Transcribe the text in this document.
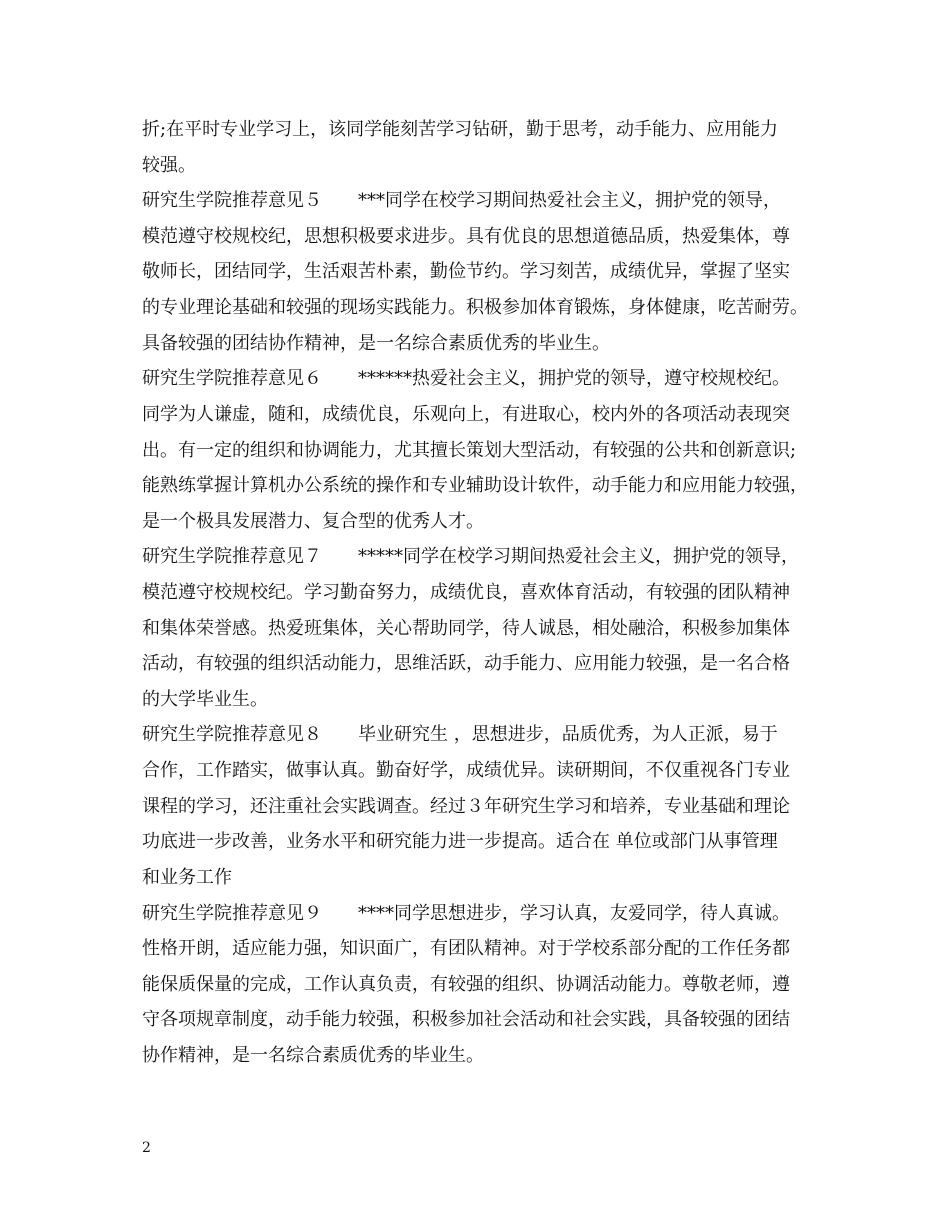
折;在平时专业学习上，该同学能刻苦学习钻研，勤于思考，动手能力、应用能力
较强。
研究生学院推荐意见５　　***同学在校学习期间热爱社会主义，拥护党的领导，
模范遵守校规校纪，思想积极要求进步。具有优良的思想道德品质，热爱集体，尊
敬师长，团结同学，生活艰苦朴素，勤俭节约。学习刻苦，成绩优异，掌握了坚实
的专业理论基础和较强的现场实践能力。积极参加体育锻炼，身体健康，吃苦耐劳。
具备较强的团结协作精神，是一名综合素质优秀的毕业生。
研究生学院推荐意见６　　******热爱社会主义，拥护党的领导，遵守校规校纪。
同学为人谦虚，随和，成绩优良，乐观向上，有进取心，校内外的各项活动表现突
出。有一定的组织和协调能力，尤其擅长策划大型活动，有较强的公共和创新意识;
能熟练掌握计算机办公系统的操作和专业辅助设计软件，动手能力和应用能力较强，
是一个极具发展潜力、复合型的优秀人才。
研究生学院推荐意见７　　*****同学在校学习期间热爱社会主义，拥护党的领导，
模范遵守校规校纪。学习勤奋努力，成绩优良，喜欢体育活动，有较强的团队精神
和集体荣誉感。热爱班集体，关心帮助同学，待人诚恳，相处融洽，积极参加集体
活动，有较强的组织活动能力，思维活跃，动手能力、应用能力较强，是一名合格
的大学毕业生。
研究生学院推荐意见８　　毕业研究生 ，思想进步，品质优秀，为人正派，易于
合作，工作踏实，做事认真。勤奋好学，成绩优异。读研期间，不仅重视各门专业
课程的学习，还注重社会实践调查。经过３年研究生学习和培养，专业基础和理论
功底进一步改善，业务水平和研究能力进一步提高。适合在 单位或部门从事管理
和业务工作
研究生学院推荐意见９　　****同学思想进步，学习认真，友爱同学，待人真诚。
性格开朗，适应能力强，知识面广，有团队精神。对于学校系部分配的工作任务都
能保质保量的完成，工作认真负责，有较强的组织、协调活动能力。尊敬老师，遵
守各项规章制度，动手能力较强，积极参加社会活动和社会实践，具备较强的团结
协作精神，是一名综合素质优秀的毕业生。
2
